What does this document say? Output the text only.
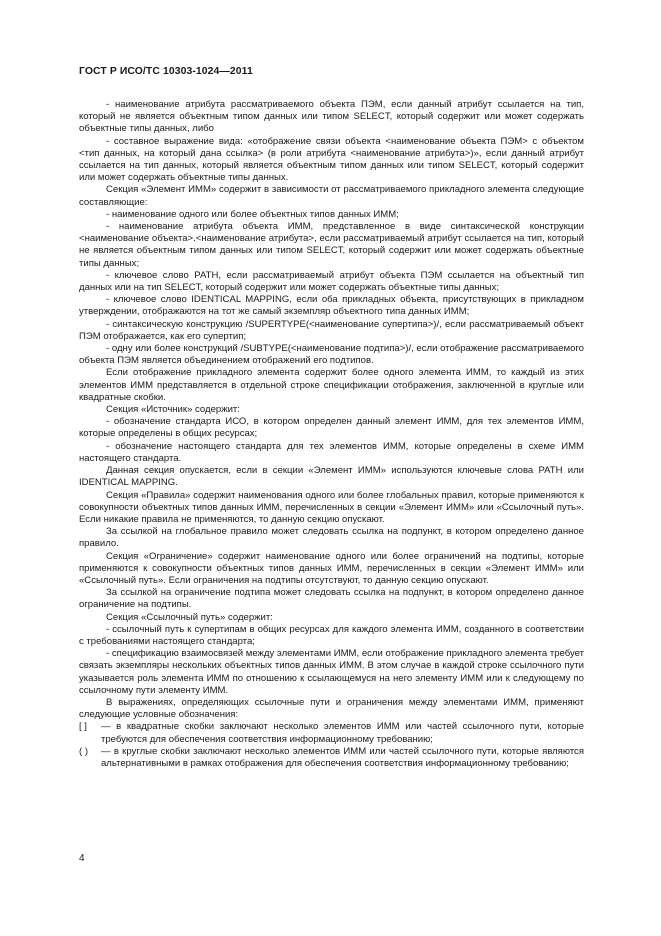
ГОСТ Р ИСО/ТС 10303-1024—2011

- наименование атрибута рассматриваемого объекта ПЭМ, если данный атрибут ссылается на тип, который не является объектным типом данных или типом SELECT, который содержит или может содержать объектные типы данных, либо

- составное выражение вида: «отображение связи объекта <наименование объекта ПЭМ> с объектом <тип данных, на который дана ссылка> (в роли атрибута <наименование атрибута>)», если данный атрибут ссылается на тип данных, который является объектным типом данных или типом SELECT, который содержит или может содержать объектные типы данных.

Секция «Элемент ИММ» содержит в зависимости от рассматриваемого прикладного элемента следующие составляющие:

- наименование одного или более объектных типов данных ИММ;

- наименование атрибута объекта ИММ, представленное в виде синтаксической конструкции <наименование объекта>.<наименование атрибута>, если рассматриваемый атрибут ссылается на тип, который не является объектным типом данных или типом SELECT, который содержит или может содержать объектные типы данных;

- ключевое слово PATH, если рассматриваемый атрибут объекта ПЭМ ссылается на объектный тип данных или на тип SELECT, который содержит или может содержать объектные типы данных;

- ключевое слово IDENTICAL MAPPING, если оба прикладных объекта, присутствующих в прикладном утверждении, отображаются на тот же самый экземпляр объектного типа данных ИММ;

- синтаксическую конструкцию /SUPERTYPE(<наименование супертипа>)/, если рассматриваемый объект ПЭМ отображается, как его супертип;

- одну или более конструкций /SUBTYPE(<наименование подтипа>)/, если отображение рассматриваемого объекта ПЭМ является объединением отображений его подтипов.

Если отображение прикладного элемента содержит более одного элемента ИММ, то каждый из этих элементов ИММ представляется в отдельной строке спецификации отображения, заключенной в круглые или квадратные скобки.

Секция «Источник» содержит:

- обозначение стандарта ИСО, в котором определен данный элемент ИММ, для тех элементов ИММ, которые определены в общих ресурсах;

- обозначение настоящего стандарта для тех элементов ИММ, которые определены в схеме ИММ настоящего стандарта.

Данная секция опускается, если в секции «Элемент ИММ» используются ключевые слова PATH или IDENTICAL MAPPING.

Секция «Правила» содержит наименования одного или более глобальных правил, которые применяются к совокупности объектных типов данных ИММ, перечисленных в секции «Элемент ИММ» или «Ссылочный путь». Если никакие правила не применяются, то данную секцию опускают.

За ссылкой на глобальное правило может следовать ссылка на подпункт, в котором определено данное правило.

Секция «Ограничение» содержит наименование одного или более ограничений на подтипы, которые применяются к совокупности объектных типов данных ИММ, перечисленных в секции «Элемент ИММ» или «Ссылочный путь». Если ограничения на подтипы отсутствуют, то данную секцию опускают.

За ссылкой на ограничение подтипа может следовать ссылка на подпункт, в котором определено данное ограничение на подтипы.

Секция «Ссылочный путь» содержит:

- ссылочный путь к супертипам в общих ресурсах для каждого элемента ИММ, созданного в соответствии с требованиями настоящего стандарта;

- спецификацию взаимосвязей между элементами ИММ, если отображение прикладного элемента требует связать экземпляры нескольких объектных типов данных ИММ. В этом случае в каждой строке ссылочного пути указывается роль элемента ИММ по отношению к ссылающемуся на него элементу ИММ или к следующему по ссылочному пути элементу ИММ.

В выражениях, определяющих ссылочные пути и ограничения между элементами ИММ, применяют следующие условные обозначения:

[ ]	— в квадратные скобки заключают несколько элементов ИММ или частей ссылочного пути, которые требуются для обеспечения соответствия информационному требованию;
( )	— в круглые скобки заключают несколько элементов ИММ или частей ссылочного пути, которые являются альтернативными в рамках отображения для обеспечения соответствия информационному требованию;
4
